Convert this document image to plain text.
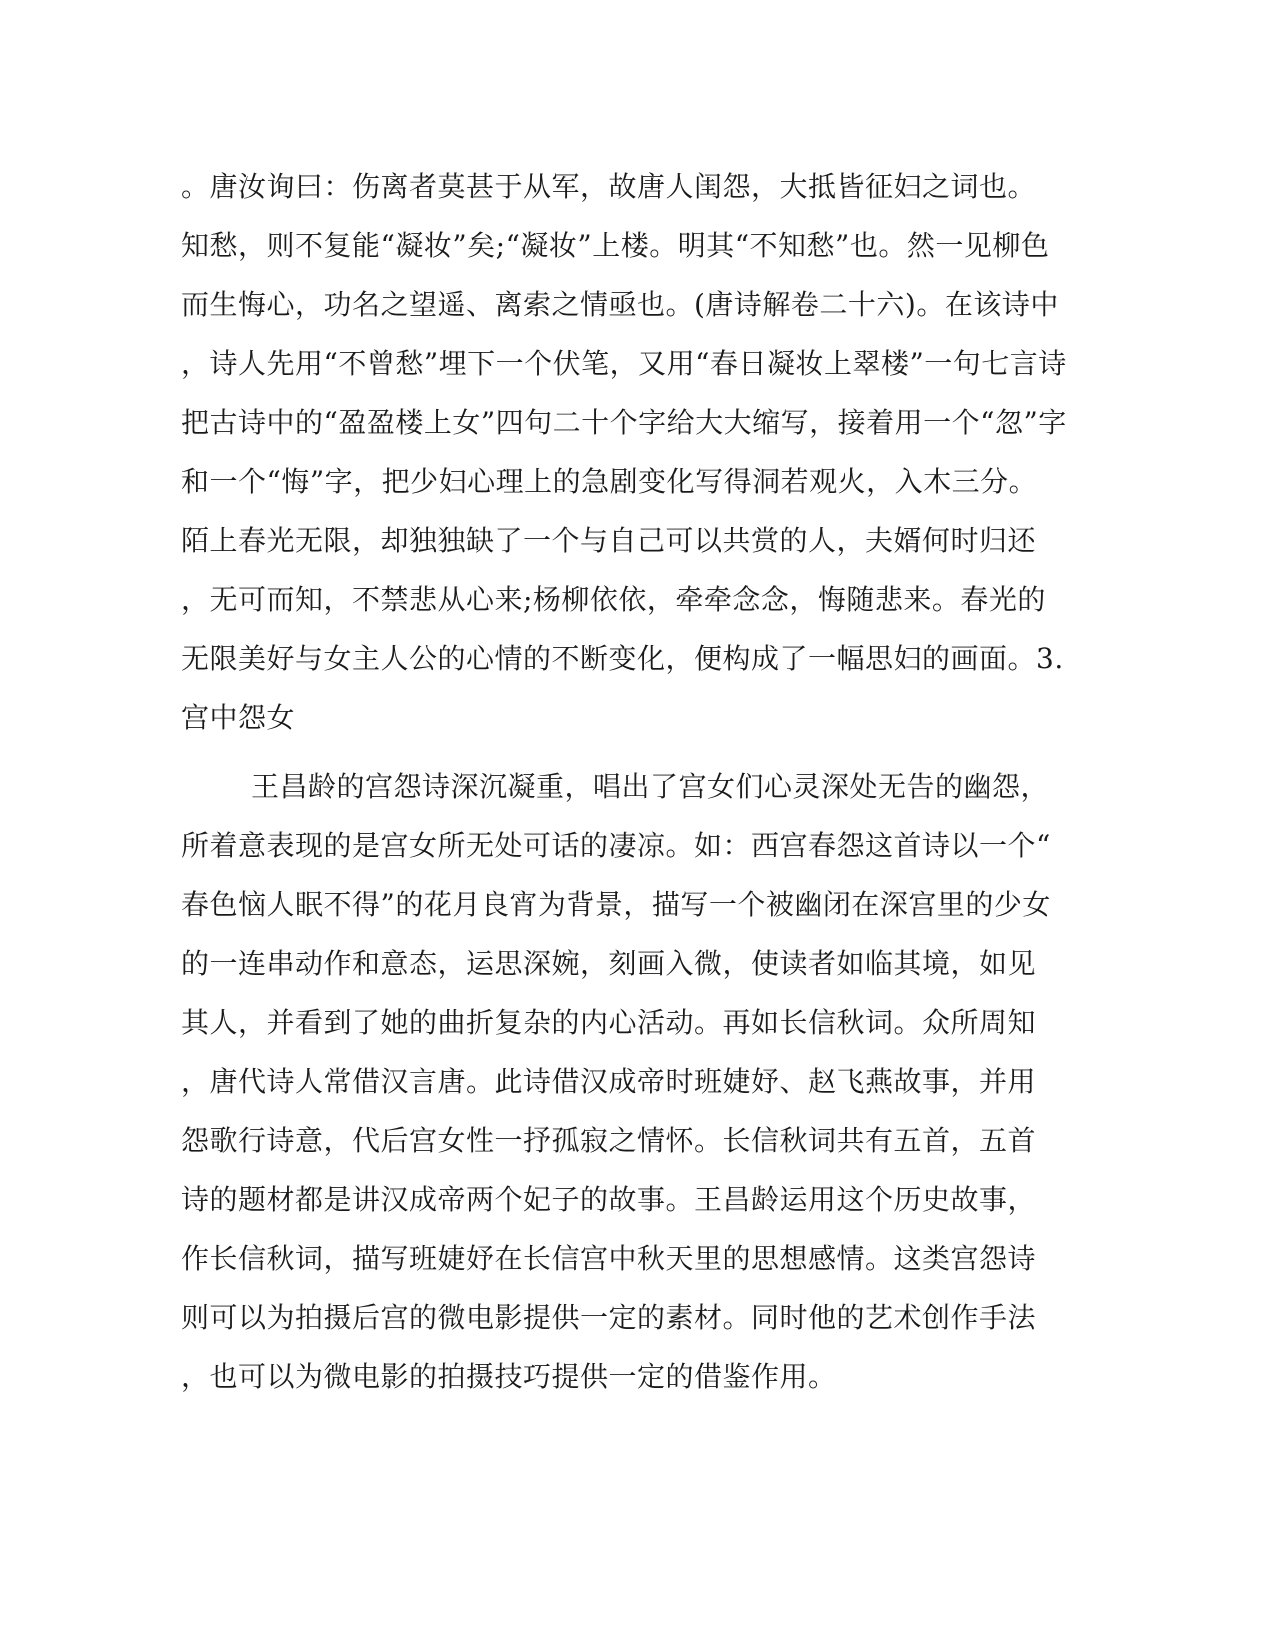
。唐汝询曰：伤离者莫甚于从军，故唐人闺怨，大抵皆征妇之词也。
知愁，则不复能“凝妆”矣;“凝妆”上楼。明其“不知愁”也。然一见柳色
而生悔心，功名之望遥、离索之情亟也。(唐诗解卷二十六)。在该诗中
，诗人先用“不曾愁”埋下一个伏笔，又用“春日凝妆上翠楼”一句七言诗
把古诗中的“盈盈楼上女”四句二十个字给大大缩写，接着用一个“忽”字
和一个“悔”字，把少妇心理上的急剧变化写得洞若观火，入木三分。
陌上春光无限，却独独缺了一个与自己可以共赏的人，夫婿何时归还
，无可而知，不禁悲从心来;杨柳依依，牵牵念念，悔随悲来。春光的
无限美好与女主人公的心情的不断变化，便构成了一幅思妇的画面。3.
宫中怨女
王昌龄的宫怨诗深沉凝重，唱出了宫女们心灵深处无告的幽怨，
所着意表现的是宫女所无处可话的凄凉。如：西宫春怨这首诗以一个“
春色恼人眠不得”的花月良宵为背景，描写一个被幽闭在深宫里的少女
的一连串动作和意态，运思深婉，刻画入微，使读者如临其境，如见
其人，并看到了她的曲折复杂的内心活动。再如长信秋词。众所周知
，唐代诗人常借汉言唐。此诗借汉成帝时班婕妤、赵飞燕故事，并用
怨歌行诗意，代后宫女性一抒孤寂之情怀。长信秋词共有五首，五首
诗的题材都是讲汉成帝两个妃子的故事。王昌龄运用这个历史故事，
作长信秋词，描写班婕妤在长信宫中秋天里的思想感情。这类宫怨诗
则可以为拍摄后宫的微电影提供一定的素材。同时他的艺术创作手法
，也可以为微电影的拍摄技巧提供一定的借鉴作用。
